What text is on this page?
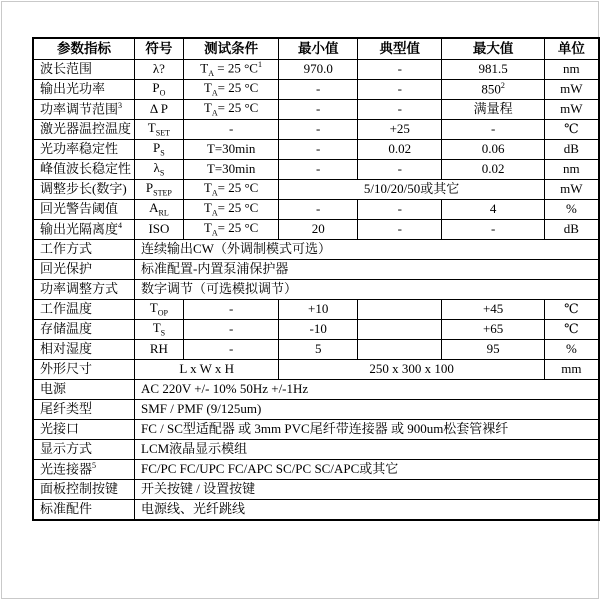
参数指标	符号	测试条件	最小值	典型值	最大值	单位
波长范围	λ?	$T_A = 25$ $^\circ C^1$	970.0	-	981.5	nm
输出光功率	$P_O$	$T_A= 25$ °C	-	-	$850^2$	mW
功率调节范围$^3$	Δ P	$T_A= 25$ °C	-	-	满量程	mW
激光器温控温度	$T_{SET}$	-	-	+25	-	℃
光功率稳定性	$P_S$	T=30min	-	0.02	0.06	dB
峰值波长稳定性	$\lambda_S$	T=30min	-	-	0.02	nm
调整步长(数字)	$P_{STEP}$	$T_A= 25$ °C	5/10/20/50或其它			mW
回光警告阈值	$A_{RL}$	$T_A= 25$ °C	-	-	4	%
输出光隔离度$^4$	ISO	$T_A= 25$ °C	20	-	-	dB
工作方式	连续输出CW（外调制模式可选）					
回光保护	标准配置-内置泵浦保护器					
功率调整方式	数字调节（可选模拟调节）					
工作温度	$T_{OP}$	-	+10		+45	℃
存储温度	$T_S$	-	-10		+65	℃
相对湿度	RH	-	5		95	%
外形尺寸	L x W x H		250 x 300 x 100			mm
电源	AC 220V +/- 10% 50Hz +/-1Hz					
尾纤类型	SMF / PMF (9/125um)					
光接口	FC / SC型适配器 或 3mm PVC尾纤带连接器 或 900um松套管裸纤					
显示方式	LCM液晶显示模组					
光连接器$^5$	FC/PC FC/UPC FC/APC SC/PC SC/APC或其它					
面板控制按键	开关按键 / 设置按键					
标准配件	电源线、光纤跳线					
